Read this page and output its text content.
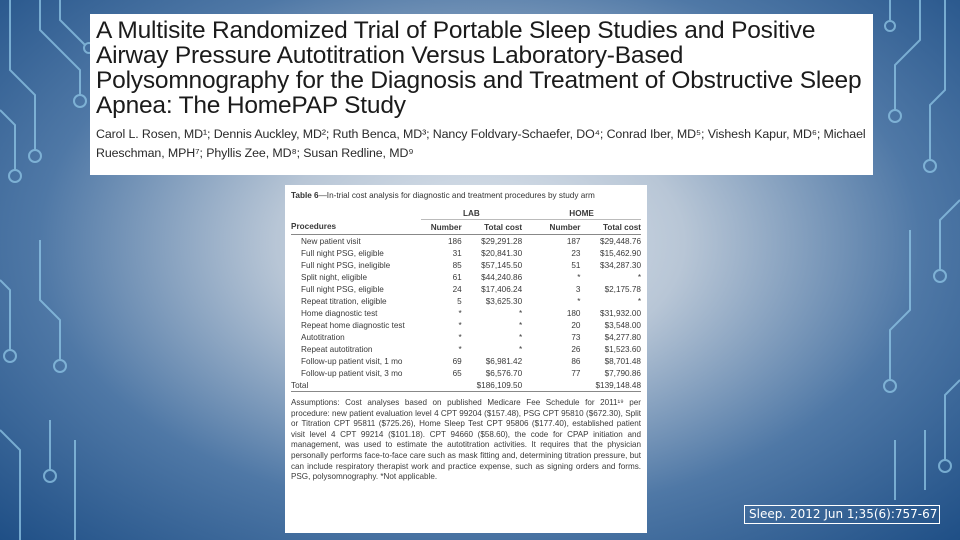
A Multisite Randomized Trial of Portable Sleep Studies and Positive Airway Pressure Autotitration Versus Laboratory-Based Polysomnography for the Diagnosis and Treatment of Obstructive Sleep Apnea: The HomePAP Study

Carol L. Rosen, MD¹; Dennis Auckley, MD²; Ruth Benca, MD³; Nancy Foldvary-Schaefer, DO⁴; Conrad Iber, MD⁵; Vishesh Kapur, MD⁶; Michael Rueschman, MPH⁷; Phyllis Zee, MD⁸; Susan Redline, MD⁹

Table 6—In-trial cost analysis for diagnostic and treatment procedures by study arm
	LAB		HOME	
Procedures	Number	Total cost	Number	Total cost
New patient visit	186	$29,291.28	187	$29,448.76
Full night PSG, eligible	31	$20,841.30	23	$15,462.90
Full night PSG, ineligible	85	$57,145.50	51	$34,287.30
Split night, eligible	61	$44,240.86	*	*
Full night PSG, eligible	24	$17,406.24	3	$2,175.78
Repeat titration, eligible	5	$3,625.30	*	*
Home diagnostic test	*	*	180	$31,932.00
Repeat home diagnostic test	*	*	20	$3,548.00
Autotitration	*	*	73	$4,277.80
Repeat autotitration	*	*	26	$1,523.60
Follow-up patient visit, 1 mo	69	$6,981.42	86	$8,701.48
Follow-up patient visit, 3 mo	65	$6,576.70	77	$7,790.86
Total		$186,109.50		$139,148.48
Assumptions: Cost analyses based on published Medicare Fee Schedule for 2011¹⁹ per procedure: new patient evaluation level 4 CPT 99204 ($157.48), PSG CPT 95810 ($672.30), Split or Titration CPT 95811 ($725.26), Home Sleep Test CPT 95806 ($177.40), established patient visit level 4 CPT 99214 ($101.18). CPT 94660 ($58.60), the code for CPAP initiation and management, was used to estimate the autotitration activities. It requires that the physician personally performs face-to-face care such as mask fitting and, determining titration pressure, but can include respiratory therapist work and practice expense, such as signing orders and forms. PSG, polysomnography. *Not applicable.
Sleep. 2012 Jun 1;35(6):757-67
